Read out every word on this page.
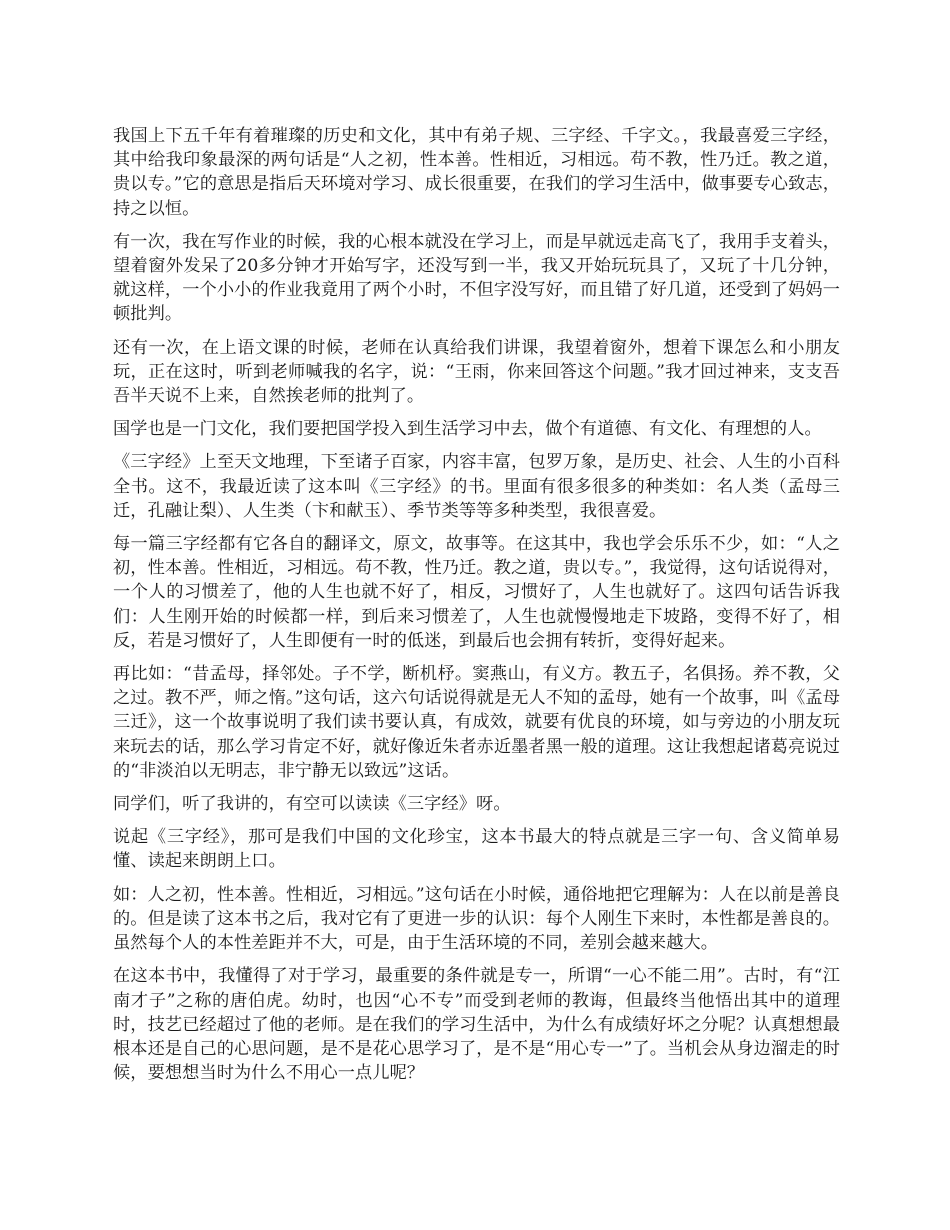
我国上下五千年有着璀璨的历史和文化，其中有弟子规、三字经、千字文。，我最喜爱三字经，其中给我印象最深的两句话是“人之初，性本善。性相近，习相远。苟不教，性乃迁。教之道，贵以专。”它的意思是指后天环境对学习、成长很重要，在我们的学习生活中，做事要专心致志，持之以恒。

有一次，我在写作业的时候，我的心根本就没在学习上，而是早就远走高飞了，我用手支着头，望着窗外发呆了20多分钟才开始写字，还没写到一半，我又开始玩玩具了，又玩了十几分钟，就这样，一个小小的作业我竟用了两个小时，不但字没写好，而且错了好几道，还受到了妈妈一顿批判。

还有一次，在上语文课的时候，老师在认真给我们讲课，我望着窗外，想着下课怎么和小朋友玩，正在这时，听到老师喊我的名字，说：“王雨，你来回答这个问题。”我才回过神来，支支吾吾半天说不上来，自然挨老师的批判了。

国学也是一门文化，我们要把国学投入到生活学习中去，做个有道德、有文化、有理想的人。

《三字经》上至天文地理，下至诸子百家，内容丰富，包罗万象，是历史、社会、人生的小百科全书。这不，我最近读了这本叫《三字经》的书。里面有很多很多的种类如：名人类（孟母三迁，孔融让梨）、人生类（卞和献玉）、季节类等等多种类型，我很喜爱。

每一篇三字经都有它各自的翻译文，原文，故事等。在这其中，我也学会乐乐不少，如：“人之初，性本善。性相近，习相远。苟不教，性乃迁。教之道，贵以专。”，我觉得，这句话说得对，一个人的习惯差了，他的人生也就不好了，相反，习惯好了，人生也就好了。这四句话告诉我们：人生刚开始的时候都一样，到后来习惯差了，人生也就慢慢地走下坡路，变得不好了，相反，若是习惯好了，人生即便有一时的低迷，到最后也会拥有转折，变得好起来。

再比如：“昔孟母，择邻处。子不学，断机杼。窦燕山，有义方。教五子，名俱扬。养不教，父之过。教不严，师之惰。”这句话，这六句话说得就是无人不知的孟母，她有一个故事，叫《孟母三迁》，这一个故事说明了我们读书要认真，有成效，就要有优良的环境，如与旁边的小朋友玩来玩去的话，那么学习肯定不好，就好像近朱者赤近墨者黑一般的道理。这让我想起诸葛亮说过的“非淡泊以无明志，非宁静无以致远”这话。

同学们，听了我讲的，有空可以读读《三字经》呀。

说起《三字经》，那可是我们中国的文化珍宝，这本书最大的特点就是三字一句、含义简单易懂、读起来朗朗上口。

如：人之初，性本善。性相近，习相远。”这句话在小时候，通俗地把它理解为：人在以前是善良的。但是读了这本书之后，我对它有了更进一步的认识：每个人刚生下来时，本性都是善良的。虽然每个人的本性差距并不大，可是，由于生活环境的不同，差别会越来越大。

在这本书中，我懂得了对于学习，最重要的条件就是专一，所谓“一心不能二用”。古时，有“江南才子”之称的唐伯虎。幼时，也因“心不专”而受到老师的教诲，但最终当他悟出其中的道理时，技艺已经超过了他的老师。是在我们的学习生活中，为什么有成绩好坏之分呢？认真想想最根本还是自己的心思问题，是不是花心思学习了，是不是“用心专一”了。当机会从身边溜走的时候，要想想当时为什么不用心一点儿呢？
